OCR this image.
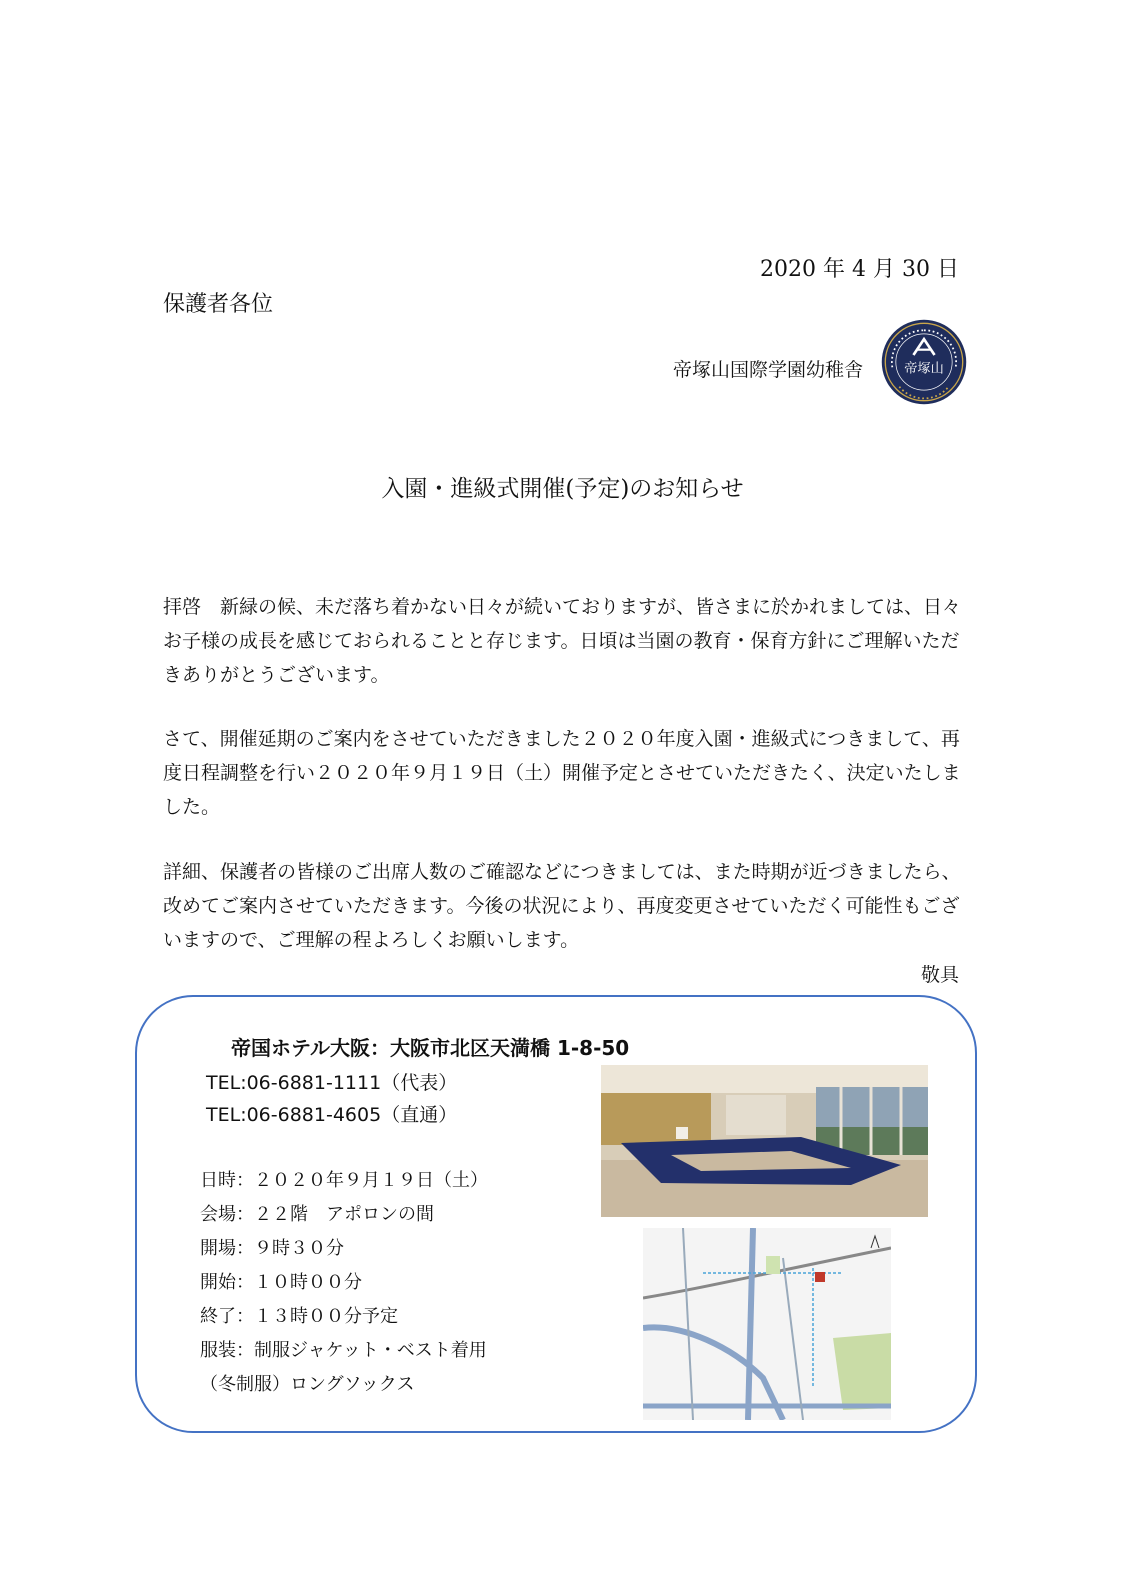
2020 年 4 月 30 日
保護者各位
帝塚山国際学園幼稚舎	帝塚山
入園・進級式開催(予定)のお知らせ
拝啓　新緑の候、未だ落ち着かない日々が続いておりますが、皆さまに於かれましては、日々お子様の成長を感じておられることと存じます。日頃は当園の教育・保育方針にご理解いただきありがとうございます。
さて、開催延期のご案内をさせていただきました２０２０年度入園・進級式につきまして、再度日程調整を行い２０２０年９月１９日（土）開催予定とさせていただきたく、決定いたしました。
詳細、保護者の皆様のご出席人数のご確認などにつきましては、また時期が近づきましたら、改めてご案内させていただきます。今後の状況により、再度変更させていただく可能性もございますので、ご理解の程よろしくお願いします。
敬具
帝国ホテル大阪：大阪市北区天満橋 1-8-50
TEL:06-6881-1111（代表）
TEL:06-6881-4605（直通）
日時：２０２０年９月１９日（土）
会場：２２階　アポロンの間
開場：９時３０分
開始：１０時００分
終了：１３時００分予定
服装：制服ジャケット・ベスト着用
（冬制服）ロングソックス
